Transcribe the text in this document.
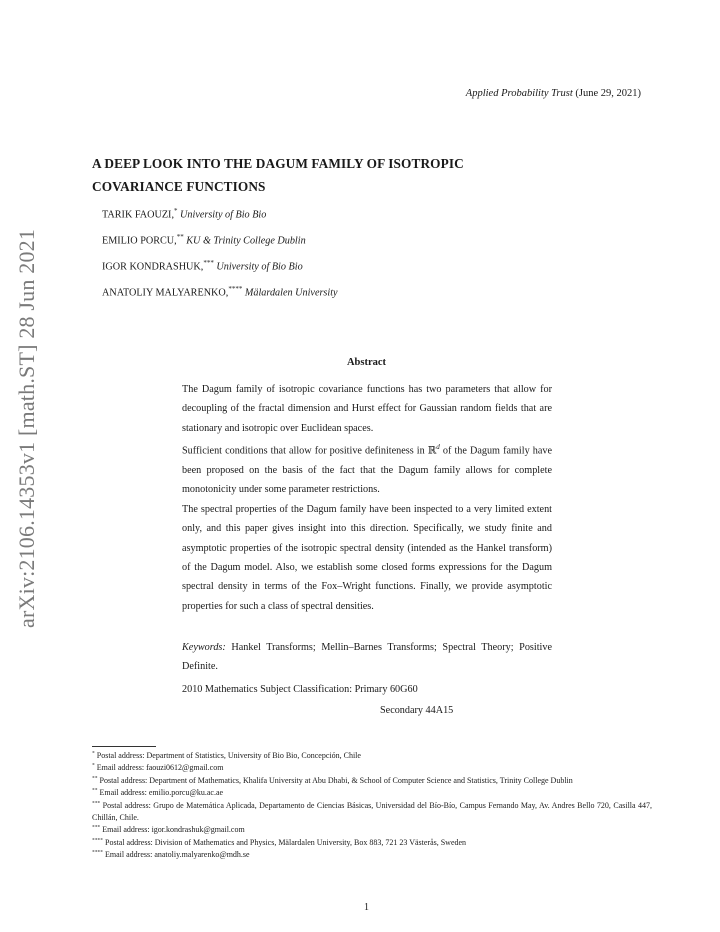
arXiv:2106.14353v1 [math.ST] 28 Jun 2021
Applied Probability Trust (June 29, 2021)
A DEEP LOOK INTO THE DAGUM FAMILY OF ISOTROPIC
COVARIANCE FUNCTIONS
TARIK FAOUZI,* University of Bio Bio
EMILIO PORCU,** KU & Trinity College Dublin
IGOR KONDRASHUK,*** University of Bio Bio
ANATOLIY MALYARENKO,**** Mälardalen University
Abstract

The Dagum family of isotropic covariance functions has two parameters that allow for decoupling of the fractal dimension and Hurst effect for Gaussian random fields that are stationary and isotropic over Euclidean spaces.

Sufficient conditions that allow for positive definiteness in ℝ$^d$ of the Dagum family have been proposed on the basis of the fact that the Dagum family allows for complete monotonicity under some parameter restrictions.

The spectral properties of the Dagum family have been inspected to a very limited extent only, and this paper gives insight into this direction. Specifically, we study finite and asymptotic properties of the isotropic spectral density (intended as the Hankel transform) of the Dagum model. Also, we establish some closed forms expressions for the Dagum spectral density in terms of the Fox–Wright functions. Finally, we provide asymptotic properties for such a class of spectral densities.

Keywords: Hankel Transforms; Mellin–Barnes Transforms; Spectral Theory; Positive Definite.
2010 Mathematics Subject Classification: Primary 60G60
Secondary 44A15
* Postal address: Department of Statistics, University of Bio Bio, Concepción, Chile
* Email address: faouzi0612@gmail.com
** Postal address: Department of Mathematics, Khalifa University at Abu Dhabi, & School of Computer Science and Statistics, Trinity College Dublin
** Email address: emilio.porcu@ku.ac.ae
*** Postal address: Grupo de Matemática Aplicada, Departamento de Ciencias Básicas, Universidad del Bío-Bío, Campus Fernando May, Av. Andres Bello 720, Casilla 447, Chillán, Chile.
*** Email address: igor.kondrashuk@gmail.com
**** Postal address: Division of Mathematics and Physics, Mälardalen University, Box 883, 721 23 Västerås, Sweden
**** Email address: anatoliy.malyarenko@mdh.se
1
